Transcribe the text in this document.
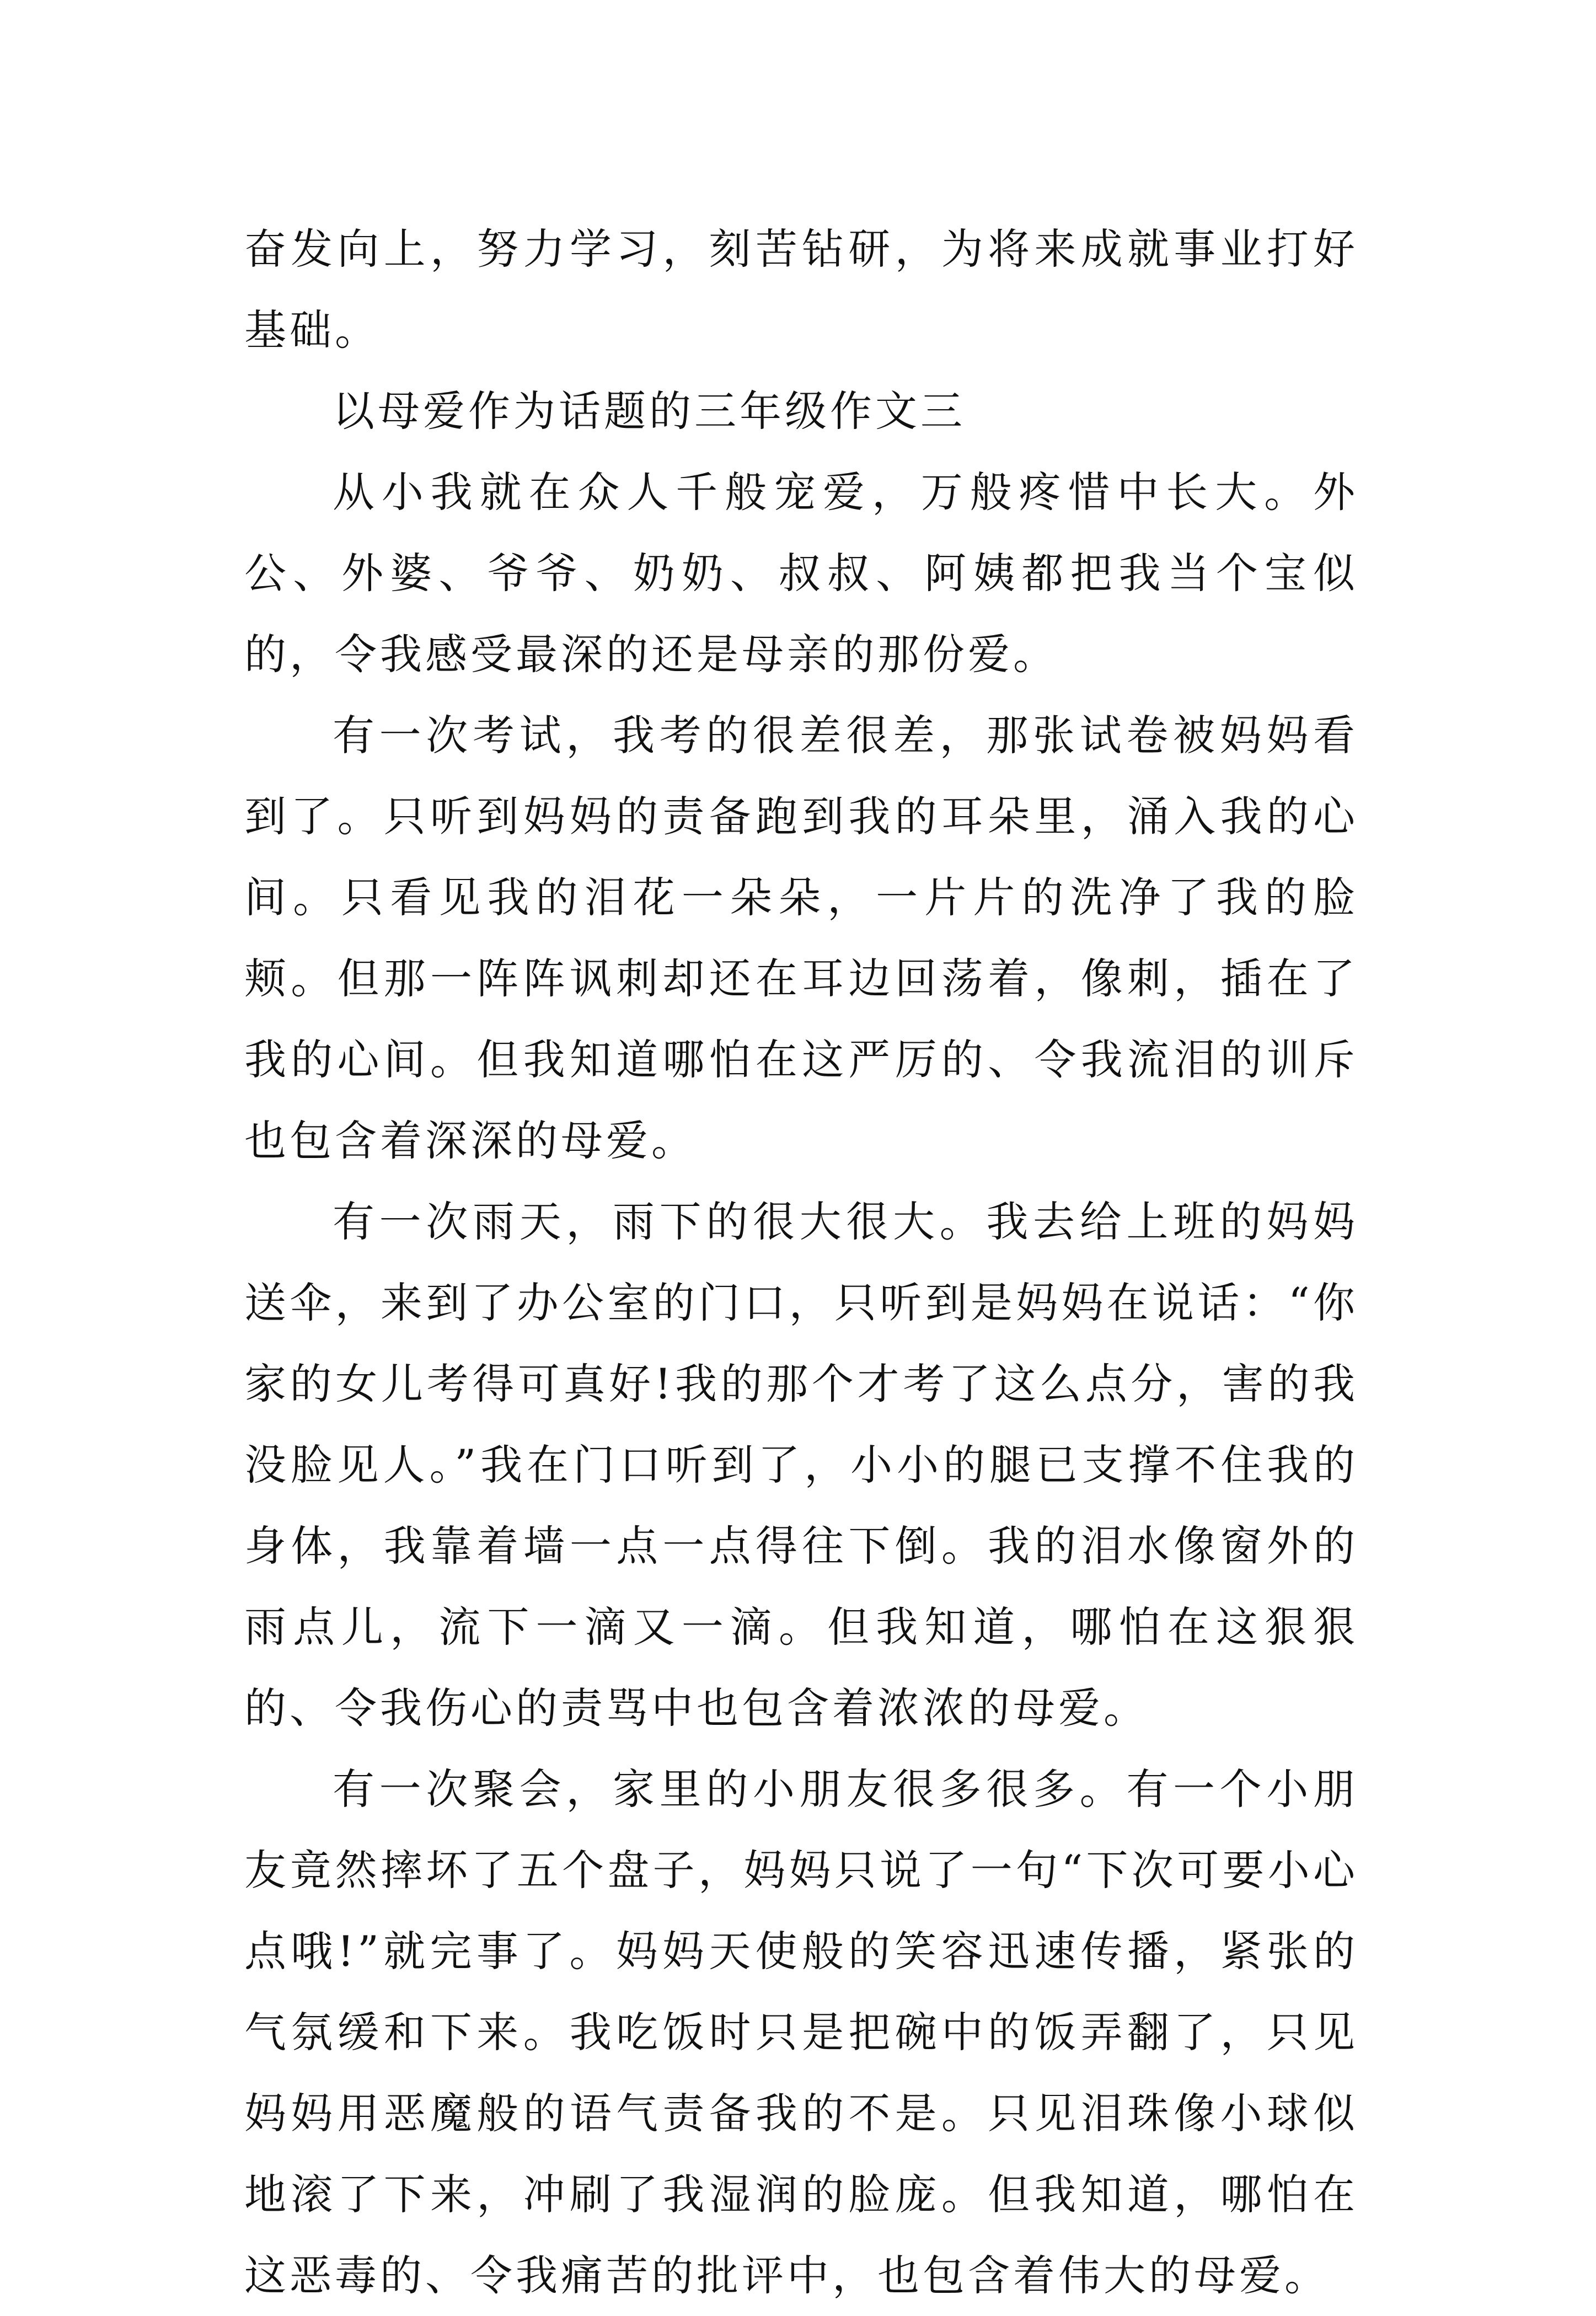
奋发向上，努力学习，刻苦钻研，为将来成就事业打好基础。

以母爱作为话题的三年级作文三

从小我就在众人千般宠爱，万般疼惜中长大。外公、外婆、爷爷、奶奶、叔叔、阿姨都把我当个宝似的，令我感受最深的还是母亲的那份爱。

有一次考试，我考的很差很差，那张试卷被妈妈看到了。只听到妈妈的责备跑到我的耳朵里，涌入我的心间。只看见我的泪花一朵朵，一片片的洗净了我的脸颊。但那一阵阵讽刺却还在耳边回荡着，像刺，插在了我的心间。但我知道哪怕在这严厉的、令我流泪的训斥也包含着深深的母爱。

有一次雨天，雨下的很大很大。我去给上班的妈妈送伞，来到了办公室的门口，只听到是妈妈在说话：“你家的女儿考得可真好!我的那个才考了这么点分，害的我没脸见人。”我在门口听到了，小小的腿已支撑不住我的身体，我靠着墙一点一点得往下倒。我的泪水像窗外的雨点儿，流下一滴又一滴。但我知道，哪怕在这狠狠的、令我伤心的责骂中也包含着浓浓的母爱。

有一次聚会，家里的小朋友很多很多。有一个小朋友竟然摔坏了五个盘子，妈妈只说了一句“下次可要小心点哦!”就完事了。妈妈天使般的笑容迅速传播，紧张的气氛缓和下来。我吃饭时只是把碗中的饭弄翻了，只见妈妈用恶魔般的语气责备我的不是。只见泪珠像小球似地滚了下来，冲刷了我湿润的脸庞。但我知道，哪怕在这恶毒的、令我痛苦的批评中，也包含着伟大的母爱。
